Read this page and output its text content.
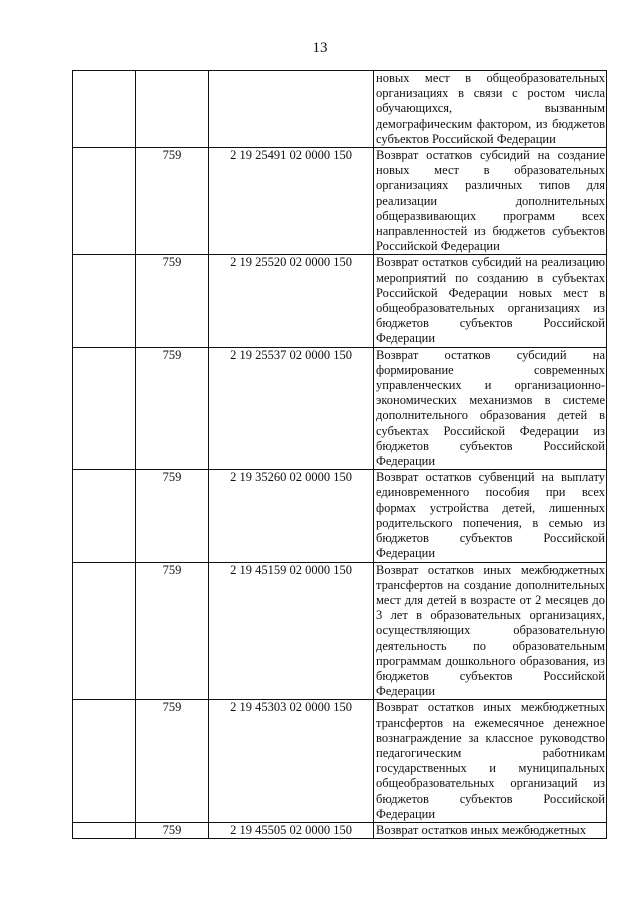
13
			новых мест в общеобразовательных организациях в связи с ростом числа обучающихся, вызванным демографическим фактором, из бюджетов субъектов Российской Федерации
	759	2 19 25491 02 0000 150	Возврат остатков субсидий на создание новых мест в образовательных организациях различных типов для реализации дополнительных общеразвивающих программ всех направленностей из бюджетов субъектов Российской Федерации
	759	2 19 25520 02 0000 150	Возврат остатков субсидий на реализацию мероприятий по созданию в субъектах Российской Федерации новых мест в общеобразовательных организациях из бюджетов субъектов Российской Федерации
	759	2 19 25537 02 0000 150	Возврат остатков субсидий на формирование современных управленческих и организационно-экономических механизмов в системе дополнительного образования детей в субъектах Российской Федерации из бюджетов субъектов Российской Федерации
	759	2 19 35260 02 0000 150	Возврат остатков субвенций на выплату единовременного пособия при всех формах устройства детей, лишенных родительского попечения, в семью из бюджетов субъектов Российской Федерации
	759	2 19 45159 02 0000 150	Возврат остатков иных межбюджетных трансфертов на создание дополнительных мест для детей в возрасте от 2 месяцев до 3 лет в образовательных организациях, осуществляющих образовательную деятельность по образовательным программам дошкольного образования, из бюджетов субъектов Российской Федерации
	759	2 19 45303 02 0000 150	Возврат остатков иных межбюджетных трансфертов на ежемесячное денежное вознаграждение за классное руководство педагогическим работникам государственных и муниципальных общеобразовательных организаций из бюджетов субъектов Российской Федерации
	759	2 19 45505 02 0000 150	Возврат остатков иных межбюджетных
